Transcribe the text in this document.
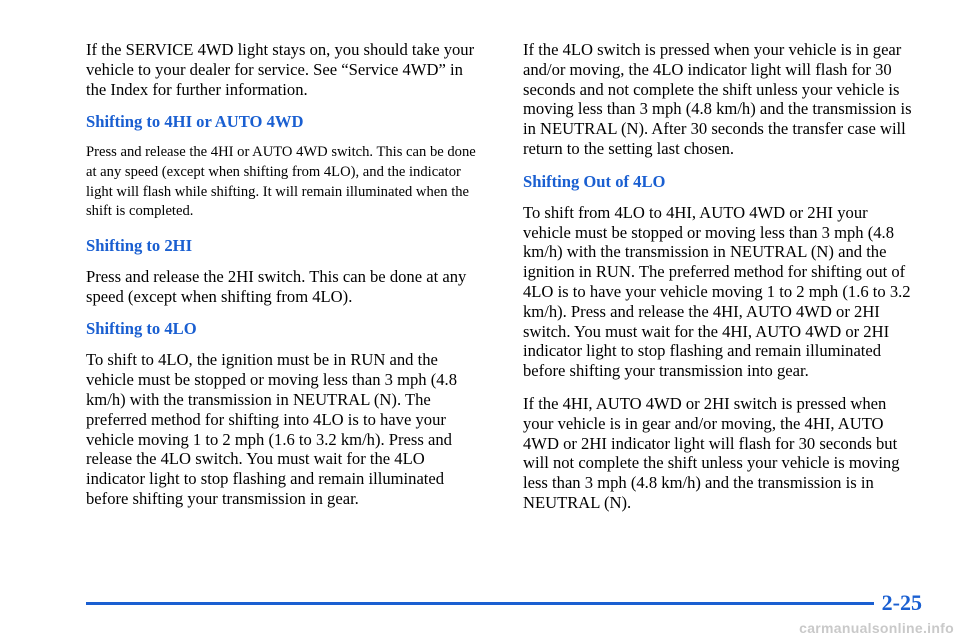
If the SERVICE 4WD light stays on, you should take your vehicle to your dealer for service. See “Service 4WD” in the Index for further information.

Shifting to 4HI or AUTO 4WD

Press and release the 4HI or AUTO 4WD switch. This can be done at any speed (except when shifting from 4LO), and the indicator light will flash while shifting. It will remain illuminated when the shift is completed.

Shifting to 2HI

Press and release the 2HI switch. This can be done at any speed (except when shifting from 4LO).

Shifting to 4LO

To shift to 4LO, the ignition must be in RUN and the vehicle must be stopped or moving less than 3 mph (4.8 km/h) with the transmission in NEUTRAL (N). The preferred method for shifting into 4LO is to have your vehicle moving 1 to 2 mph (1.6 to 3.2 km/h). Press and release the 4LO switch. You must wait for the 4LO indicator light to stop flashing and remain illuminated before shifting your transmission in gear.

If the 4LO switch is pressed when your vehicle is in gear and/or moving, the 4LO indicator light will flash for 30 seconds and not complete the shift unless your vehicle is moving less than 3 mph (4.8 km/h) and the transmission is in NEUTRAL (N). After 30 seconds the transfer case will return to the setting last chosen.

Shifting Out of 4LO

To shift from 4LO to 4HI, AUTO 4WD or 2HI your vehicle must be stopped or moving less than 3 mph (4.8 km/h) with the transmission in NEUTRAL (N) and the ignition in RUN. The preferred method for shifting out of 4LO is to have your vehicle moving 1 to 2 mph (1.6 to 3.2 km/h). Press and release the 4HI, AUTO 4WD or 2HI switch. You must wait for the 4HI, AUTO 4WD or 2HI indicator light to stop flashing and remain illuminated before shifting your transmission into gear.

If the 4HI, AUTO 4WD or 2HI switch is pressed when your vehicle is in gear and/or moving, the 4HI, AUTO 4WD or 2HI indicator light will flash for 30 seconds but will not complete the shift unless your vehicle is moving less than 3 mph (4.8 km/h) and the transmission is in NEUTRAL (N).

2-25
carmanualsonline.info
